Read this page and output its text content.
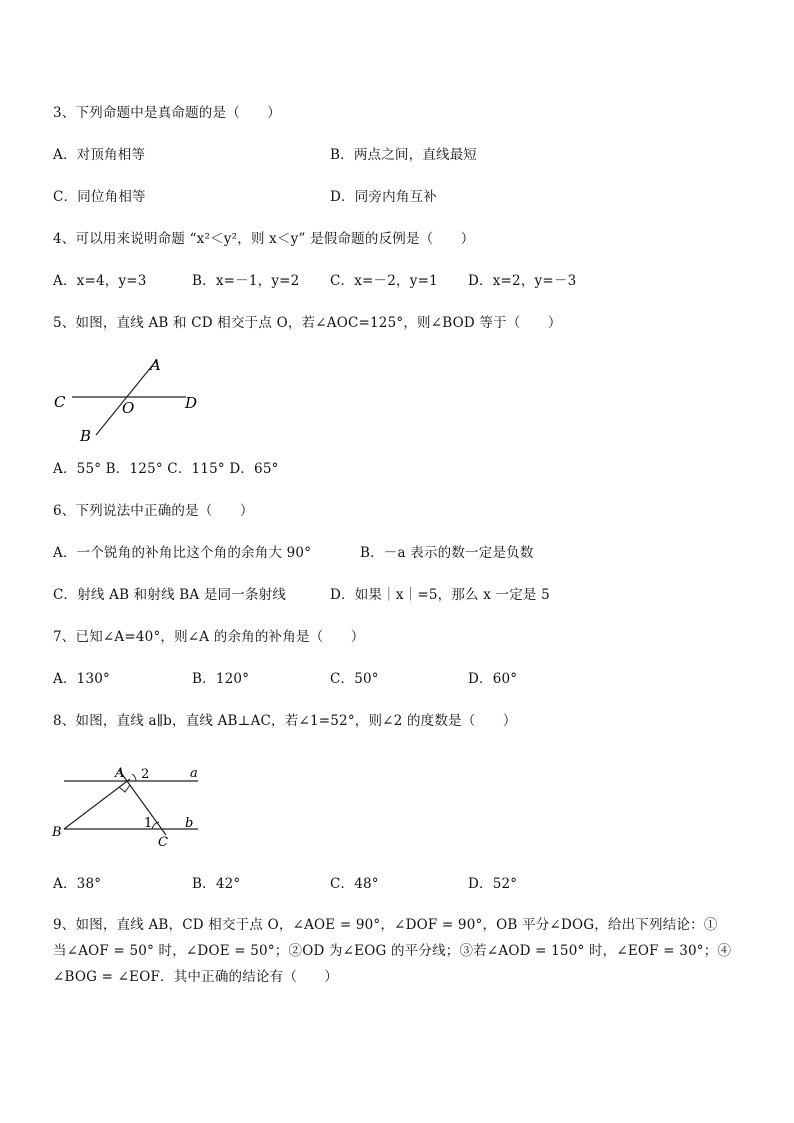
3、下列命题中是真命题的是（　　）
A．对顶角相等	B．两点之间，直线最短
C．同位角相等	D．同旁内角互补
4、可以用来说明命题 “x²＜y²，则 x＜y” 是假命题的反例是（　　）
A．x=4，y=3	B．x=－1，y=2 C．x=－2，y=1 D．x=2，y=－3
5、如图，直线 AB 和 CD 相交于点 O，若∠AOC=125°，则∠BOD 等于（　　）
A
C	O	D
B
A．55° B．125° C．115° D．65°
6、下列说法中正确的是（　　）
A．一个锐角的补角比这个角的余角大 90°	B．－a 表示的数一定是负数
C．射线 AB 和射线 BA 是同一条射线	D．如果｜x｜=5，那么 x 一定是 5
7、已知∠A=40°，则∠A 的余角的补角是（　　）
A．130°	B．120°	C．50°	D．60°
8、如图，直线 a∥b，直线 AB⊥AC，若∠1=52°，则∠2 的度数是（　　）
A 2	a
1	b
B
C
A．38°	B．42°	C．48°	D．52°
9、如图，直线 AB，CD 相交于点 O，∠AOE = 90°，∠DOF = 90°，OB 平分∠DOG，给出下列结论：①
当∠AOF = 50° 时，∠DOE = 50°；②OD 为∠EOG 的平分线；③若∠AOD = 150° 时，∠EOF = 30°；④
∠BOG = ∠EOF．其中正确的结论有（　　）
